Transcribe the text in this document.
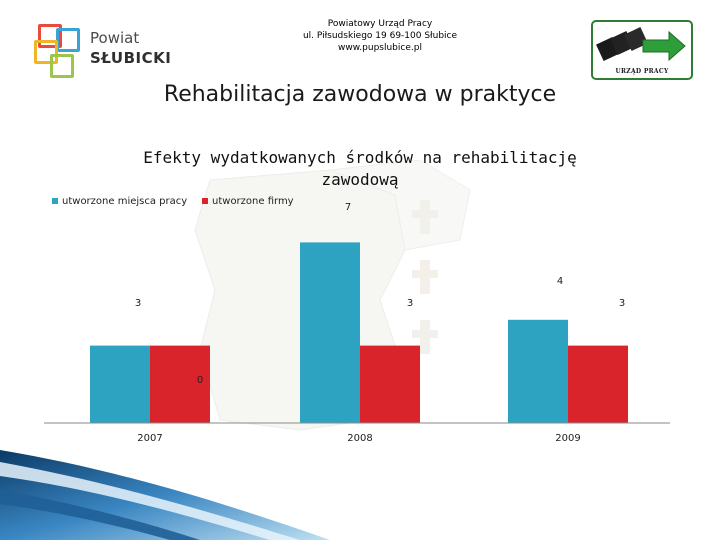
Powiat
SŁUBICKI
Powiatowy Urząd Pracy
ul. Piłsudskiego 19 69-100 Słubice
www.pupslubice.pl
URZĄD PRACY
Rehabilitacja zawodowa w praktyce
Efekty wydatkowanych środków na rehabilitację zawodową
utworzone miejsca pracy	utworzone firmy
3
0
7
3
4
3
2007	2008	2009
